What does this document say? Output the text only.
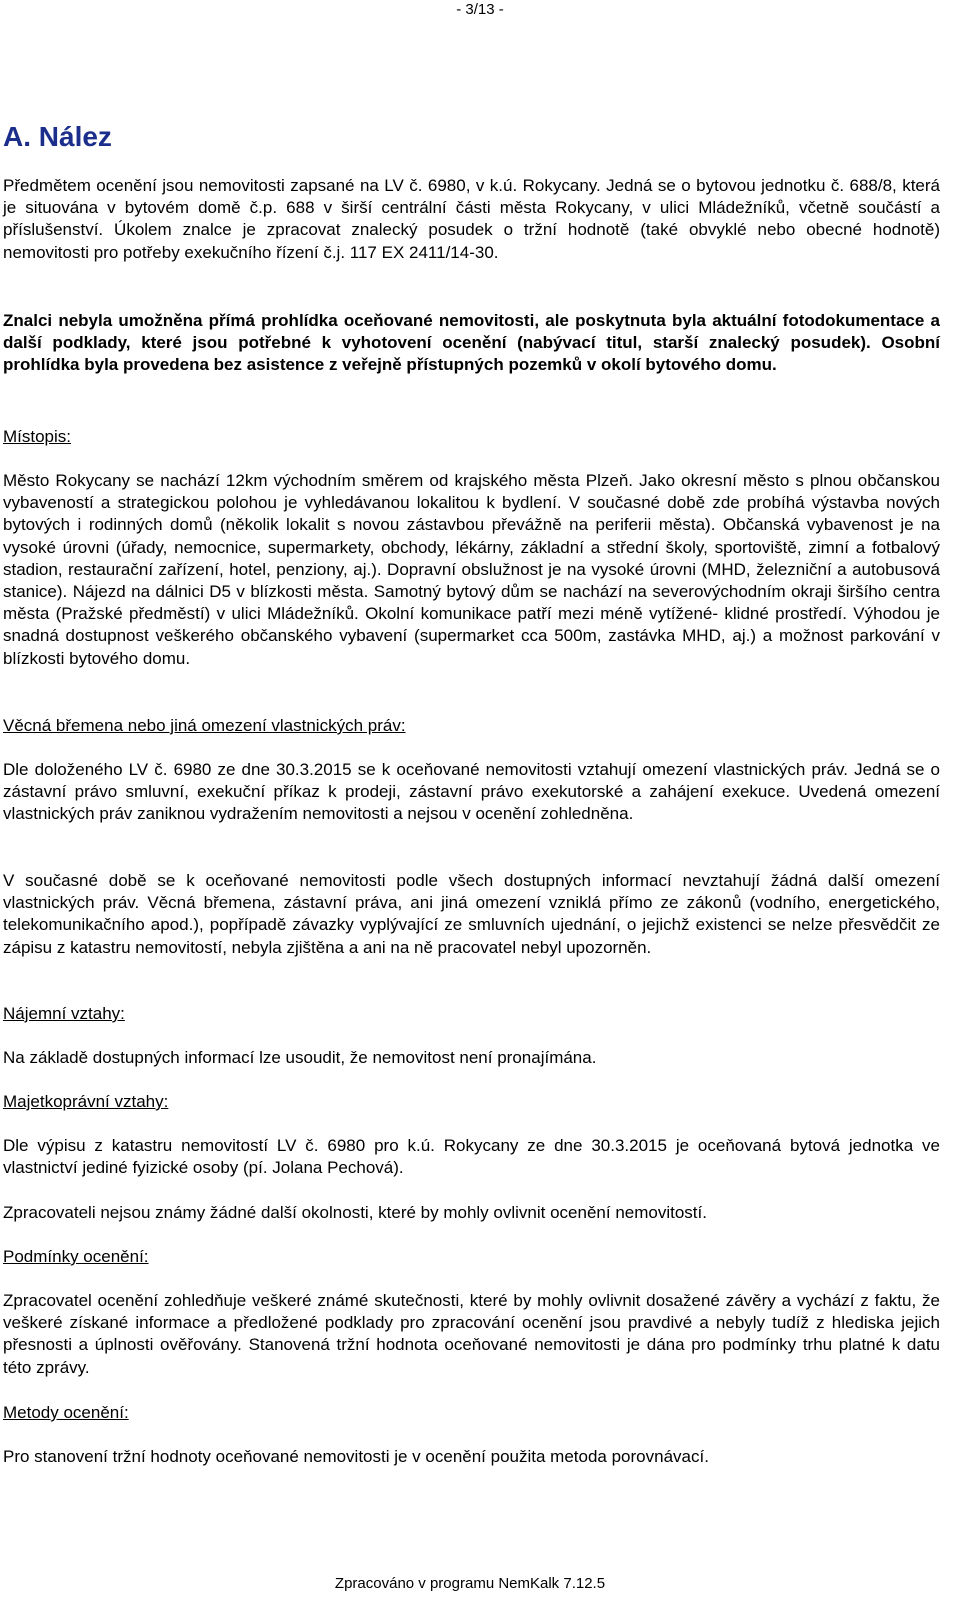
- 3/13 -
A. Nález

Předmětem ocenění jsou nemovitosti zapsané na LV č. 6980, v k.ú. Rokycany. Jedná se o bytovou jednotku č. 688/8, která je situována v bytovém domě č.p. 688 v širší centrální části města Rokycany, v ulici Mládežníků, včetně součástí a příslušenství. Úkolem znalce je zpracovat znalecký posudek o tržní hodnotě (také obvyklé nebo obecné hodnotě) nemovitosti pro potřeby exekučního řízení č.j. 117 EX 2411/14-30.

Znalci nebyla umožněna přímá prohlídka oceňované nemovitosti, ale poskytnuta byla aktuální fotodokumentace a další podklady, které jsou potřebné k vyhotovení ocenění (nabývací titul, starší znalecký posudek). Osobní prohlídka byla provedena bez asistence z veřejně přístupných pozemků v okolí bytového domu.

Místopis:

Město Rokycany se nachází 12km východním směrem od krajského města Plzeň. Jako okresní město s plnou občanskou vybaveností a strategickou polohou je vyhledávanou lokalitou k bydlení. V současné době zde probíhá výstavba nových bytových i rodinných domů (několik lokalit s novou zástavbou převážně na periferii města). Občanská vybavenost je na vysoké úrovni (úřady, nemocnice, supermarkety, obchody, lékárny, základní a střední školy, sportoviště, zimní a fotbalový stadion, restaurační zařízení, hotel, penziony, aj.). Dopravní obslužnost je na vysoké úrovni (MHD, železniční a autobusová stanice). Nájezd na dálnici D5 v blízkosti města. Samotný bytový dům se nachází na severovýchodním okraji širšího centra města (Pražské předměstí) v ulici Mládežníků. Okolní komunikace patří mezi méně vytížené- klidné prostředí. Výhodou je snadná dostupnost veškerého občanského vybavení (supermarket cca 500m, zastávka MHD, aj.) a možnost parkování v blízkosti bytového domu.

Věcná břemena nebo jiná omezení vlastnických práv:

Dle doloženého LV č. 6980 ze dne 30.3.2015 se k oceňované nemovitosti vztahují omezení vlastnických práv. Jedná se o zástavní právo smluvní, exekuční příkaz k prodeji, zástavní právo exekutorské a zahájení exekuce. Uvedená omezení vlastnických práv zaniknou vydražením nemovitosti a nejsou v ocenění zohledněna.

V současné době se k oceňované nemovitosti podle všech dostupných informací nevztahují žádná další omezení vlastnických práv. Věcná břemena, zástavní práva, ani jiná omezení vzniklá přímo ze zákonů (vodního, energetického, telekomunikačního apod.), popřípadě závazky vyplývající ze smluvních ujednání, o jejichž existenci se nelze přesvědčit ze zápisu z katastru nemovitostí, nebyla zjištěna a ani na ně pracovatel nebyl upozorněn.

Nájemní vztahy:

Na základě dostupných informací lze usoudit, že nemovitost není pronajímána.

Majetkoprávní vztahy:

Dle výpisu z katastru nemovitostí LV č. 6980 pro k.ú. Rokycany ze dne 30.3.2015 je oceňovaná bytová jednotka ve vlastnictví jediné fyizické osoby (pí. Jolana Pechová).

Zpracovateli nejsou známy žádné další okolnosti, které by mohly ovlivnit ocenění nemovitostí.

Podmínky ocenění:

Zpracovatel ocenění zohledňuje veškeré známé skutečnosti, které by mohly ovlivnit dosažené závěry a vychází z faktu, že veškeré získané informace a předložené podklady pro zpracování ocenění jsou pravdivé a nebyly tudíž z hlediska jejich přesnosti a úplnosti ověřovány. Stanovená tržní hodnota oceňované nemovitosti je dána pro podmínky trhu platné k datu této zprávy.

Metody ocenění:

Pro stanovení tržní hodnoty oceňované nemovitosti je v ocenění použita metoda porovnávací.

Zpracováno v programu NemKalk 7.12.5
